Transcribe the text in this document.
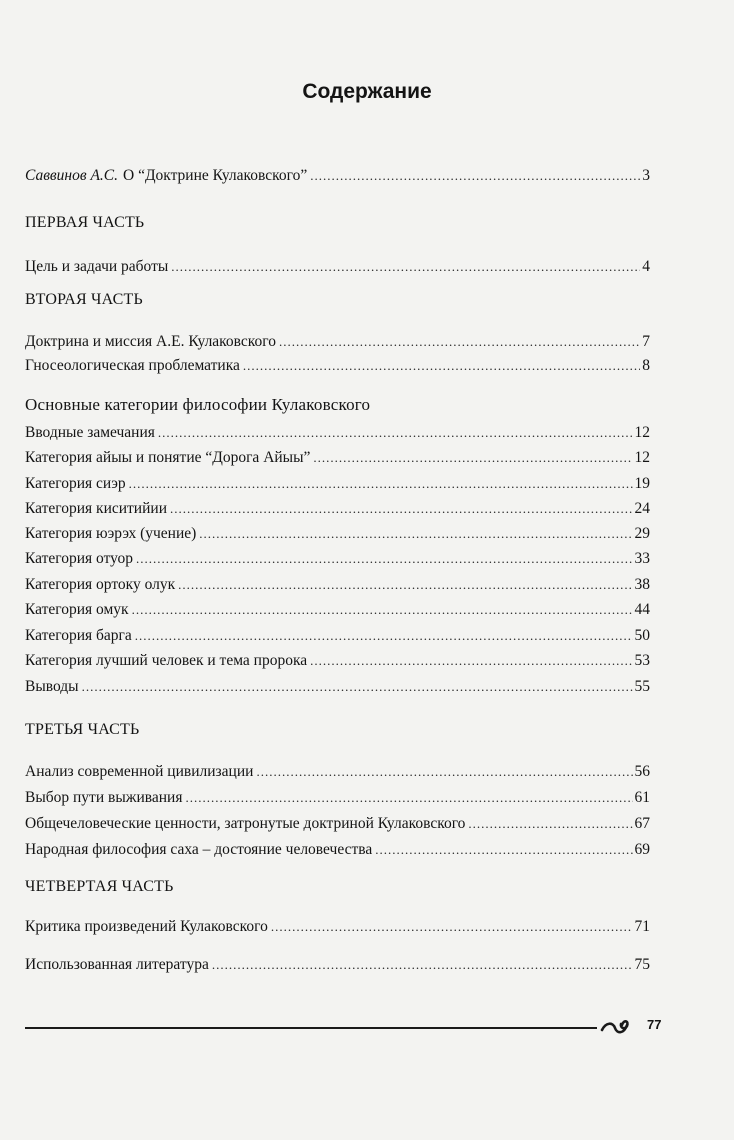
Содержание
Саввинов А.С. О “Доктрине Кулаковского” .....	3
ПЕРВАЯ ЧАСТЬ
Цель и задачи работы .....	4
ВТОРАЯ ЧАСТЬ
Доктрина и миссия А.Е. Кулаковского .....	7
Гносеологическая проблематика .....	8
Основные категории философии Кулаковского
Вводные замечания .....	12
Категория айыы и понятие “Дорога Айыы” .....	12
Категория сиэр .....	19
Категория киситийии .....	24
Категория юэрэх (учение) .....	29
Категория отуор .....	33
Категория ортоку олук .....	38
Категория омук .....	44
Категория барга .....	50
Категория лучший человек и тема пророка .....	53
Выводы .....	55
ТРЕТЬЯ ЧАСТЬ
Анализ современной цивилизации .....	56
Выбор пути выживания .....	61
Общечеловеческие ценности, затронутые доктриной Кулаковского .....	67
Народная философия саха – достояние человечества .....	69
ЧЕТВЕРТАЯ ЧАСТЬ
Критика произведений Кулаковского .....	71
Использованная литература .....	75
77
